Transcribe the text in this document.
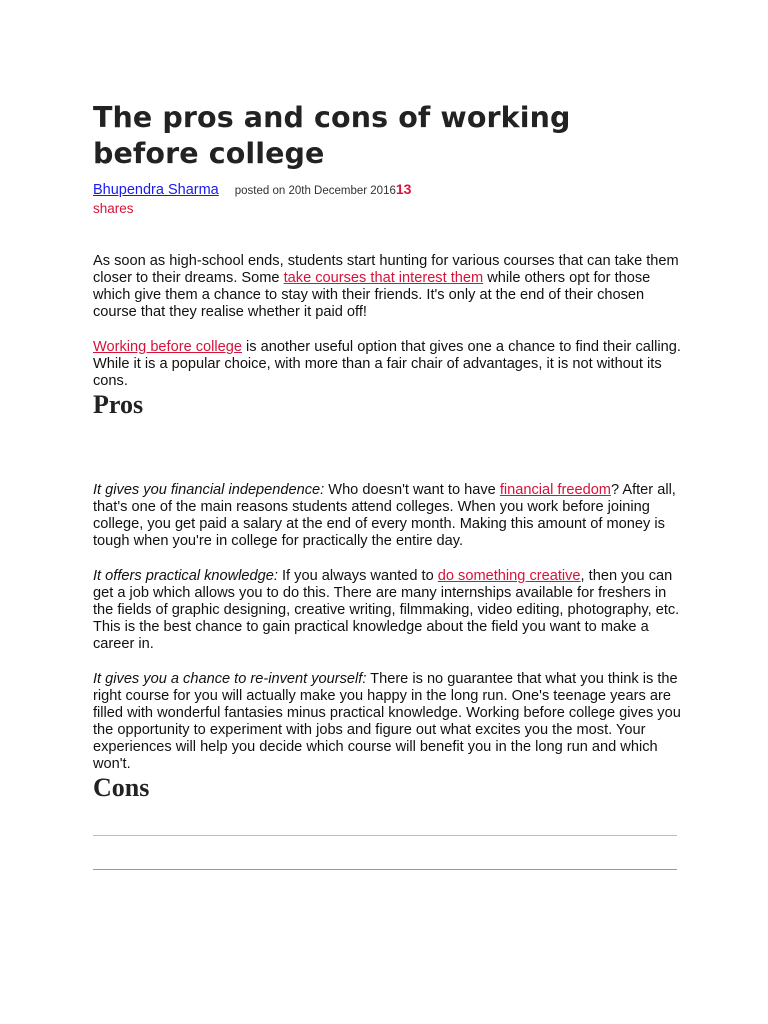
The pros and cons of working before college
Bhupendra Sharma posted on 20th December 201613
shares

As soon as high-school ends, students start hunting for various courses that can take them closer to their dreams. Some take courses that interest them while others opt for those which give them a chance to stay with their friends. It's only at the end of their chosen course that they realise whether it paid off!

Working before college is another useful option that gives one a chance to find their calling. While it is a popular choice, with more than a fair chair of advantages, it is not without its cons.

Pros

It gives you financial independence: Who doesn't want to have financial freedom? After all, that's one of the main reasons students attend colleges. When you work before joining college, you get paid a salary at the end of every month. Making this amount of money is tough when you're in college for practically the entire day.

It offers practical knowledge: If you always wanted to do something creative, then you can get a job which allows you to do this. There are many internships available for freshers in the fields of graphic designing, creative writing, filmmaking, video editing, photography, etc. This is the best chance to gain practical knowledge about the field you want to make a career in.

It gives you a chance to re-invent yourself: There is no guarantee that what you think is the right course for you will actually make you happy in the long run. One's teenage years are filled with wonderful fantasies minus practical knowledge. Working before college gives you the opportunity to experiment with jobs and figure out what excites you the most. Your experiences will help you decide which course will benefit you in the long run and which won't.

Cons
